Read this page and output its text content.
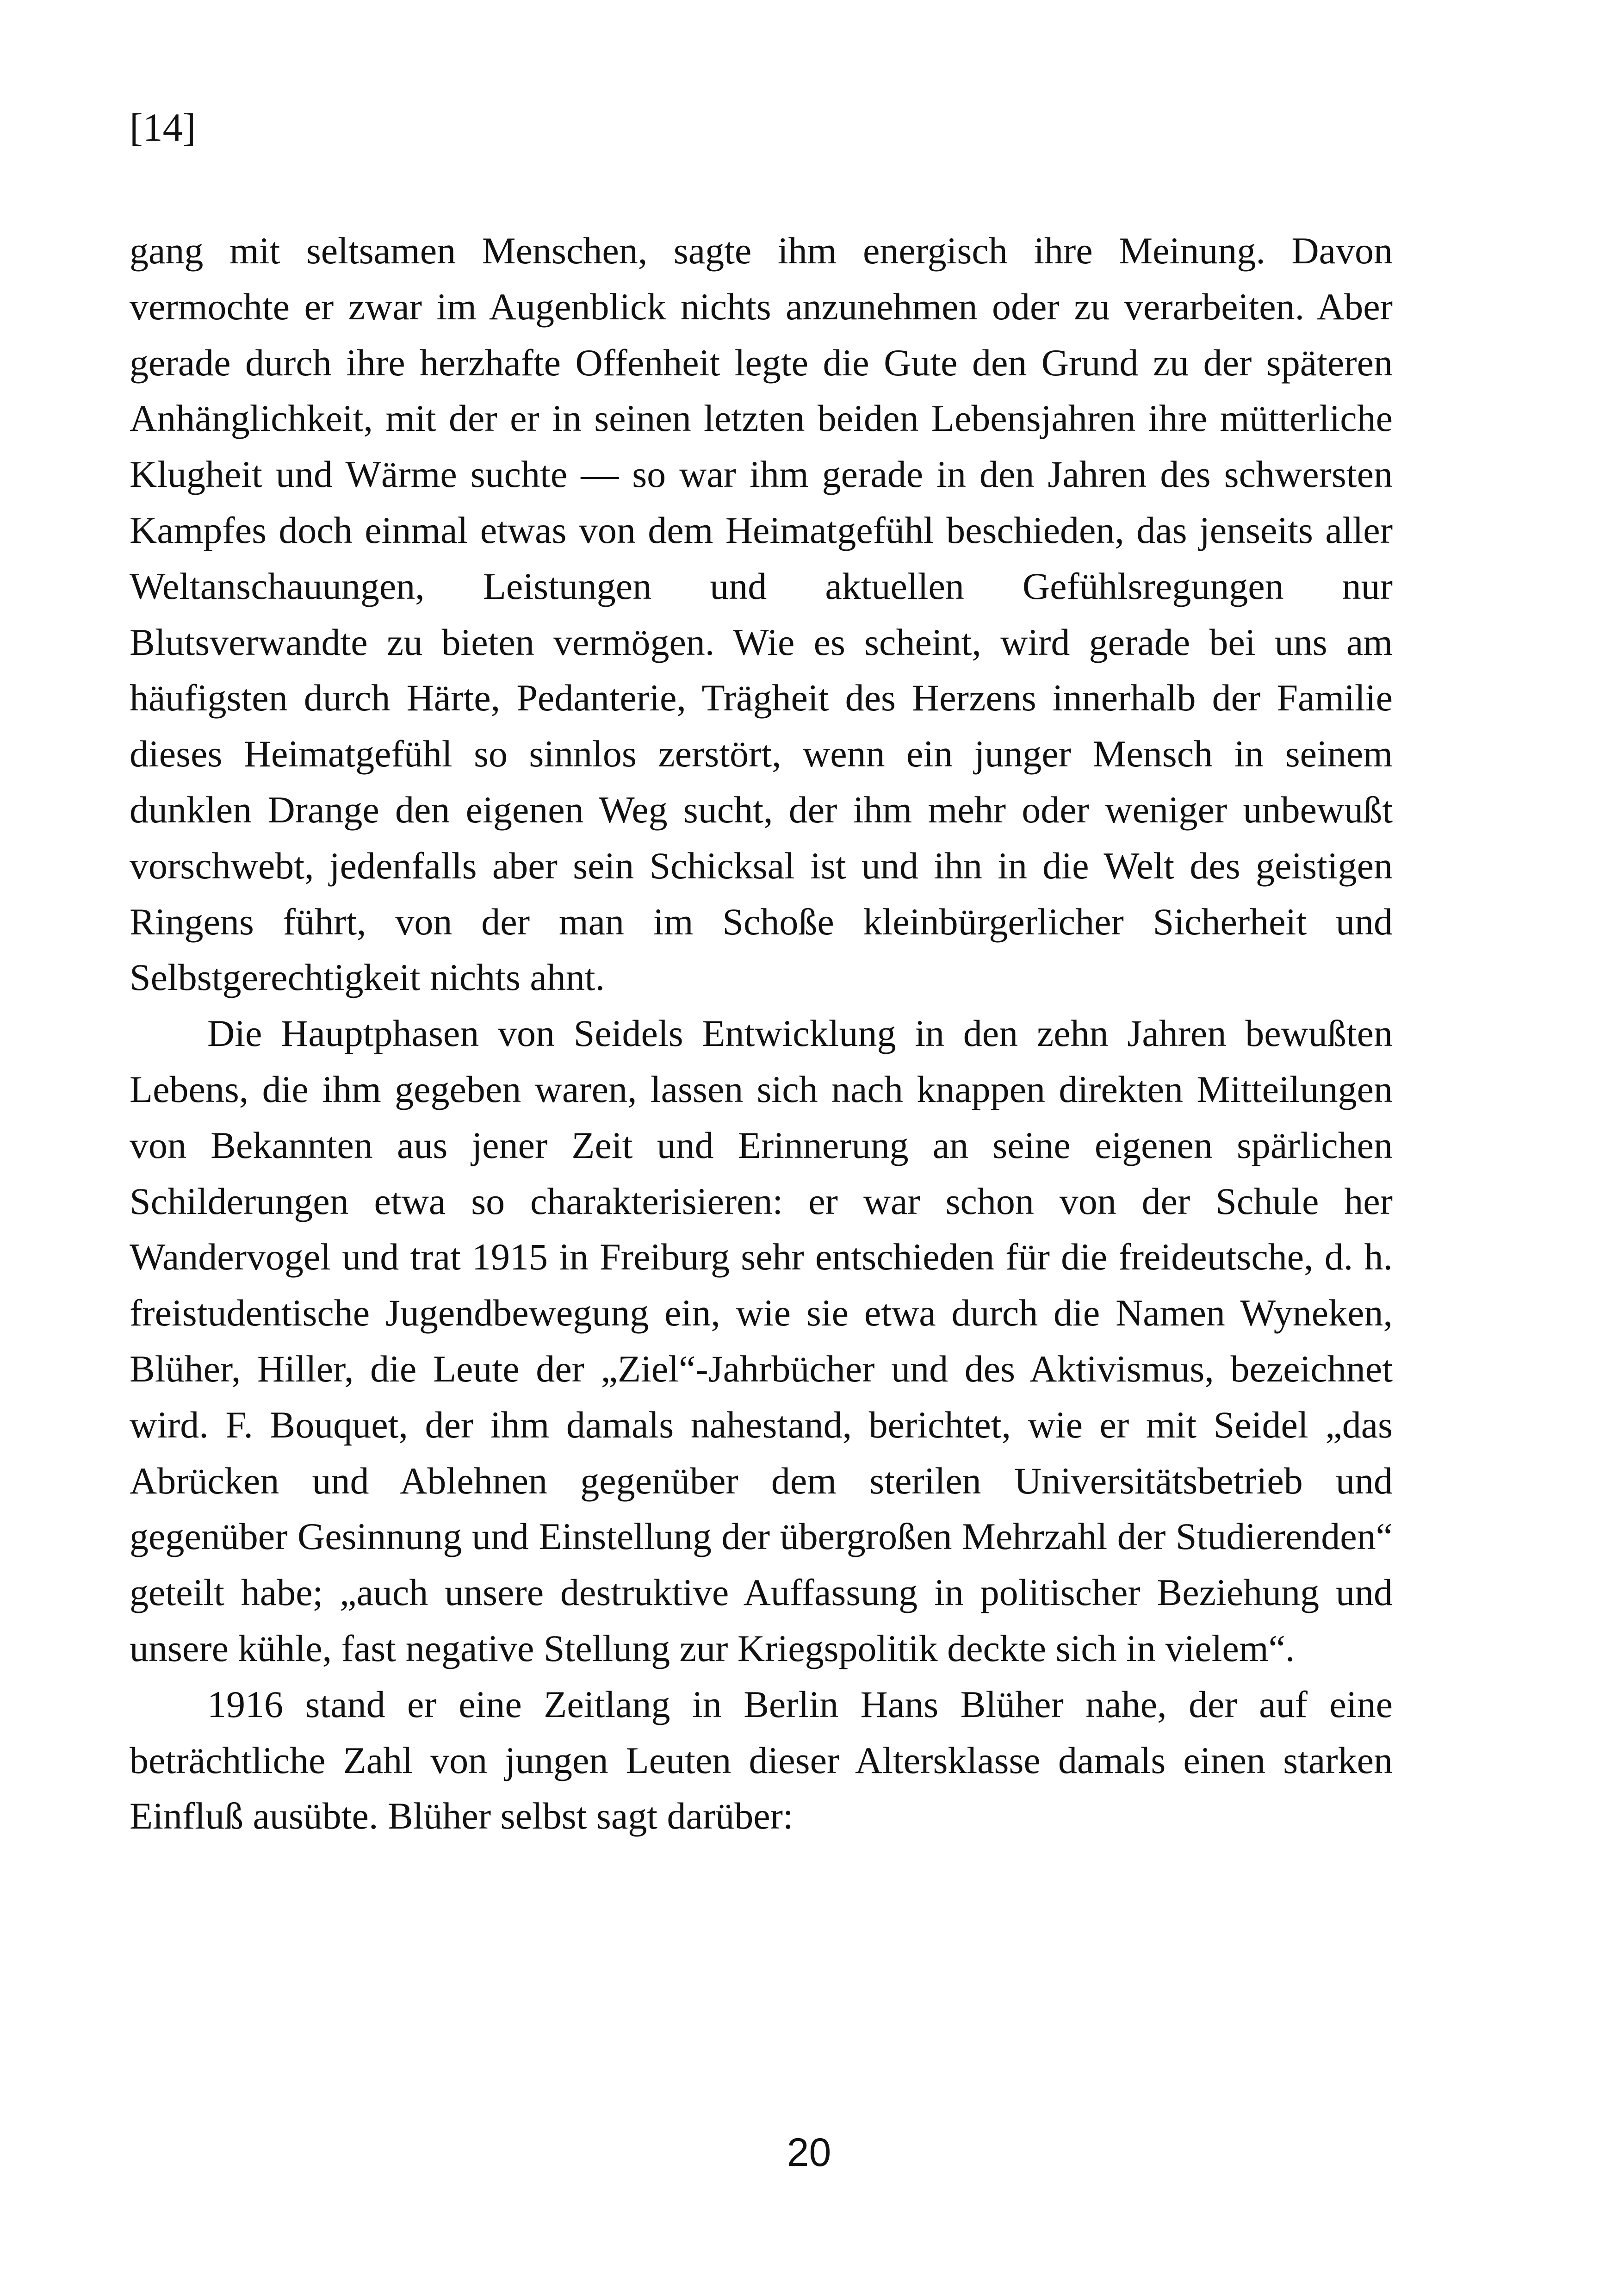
[14]

gang mit seltsamen Menschen, sagte ihm energisch ihre Meinung. Davon vermochte er zwar im Augenblick nichts anzunehmen oder zu verarbeiten. Aber gerade durch ihre herzhafte Offenheit legte die Gute den Grund zu der späteren Anhänglichkeit, mit der er in seinen letzten beiden Lebensjahren ihre mütterliche Klugheit und Wärme suchte — so war ihm gerade in den Jahren des schwersten Kampfes doch einmal etwas von dem Heimatgefühl beschieden, das jenseits aller Weltanschauungen, Leistungen und aktuellen Gefühlsregungen nur Blutsverwandte zu bieten vermögen. Wie es scheint, wird gerade bei uns am häufigsten durch Härte, Pedanterie, Trägheit des Herzens innerhalb der Familie dieses Heimatgefühl so sinnlos zerstört, wenn ein junger Mensch in seinem dunklen Drange den eigenen Weg sucht, der ihm mehr oder weniger unbewußt vorschwebt, jedenfalls aber sein Schicksal ist und ihn in die Welt des geistigen Ringens führt, von der man im Schoße kleinbürgerlicher Sicherheit und Selbstgerechtigkeit nichts ahnt.

Die Hauptphasen von Seidels Entwicklung in den zehn Jahren bewußten Lebens, die ihm gegeben waren, lassen sich nach knappen direkten Mitteilungen von Bekannten aus jener Zeit und Erinnerung an seine eigenen spärlichen Schilderungen etwa so charakterisieren: er war schon von der Schule her Wandervogel und trat 1915 in Freiburg sehr entschieden für die freideutsche, d. h. freistudentische Jugendbewegung ein, wie sie etwa durch die Namen Wyneken, Blüher, Hiller, die Leute der „Ziel“-Jahrbücher und des Aktivismus, bezeichnet wird. F. Bouquet, der ihm damals nahestand, berichtet, wie er mit Seidel „das Abrücken und Ablehnen gegenüber dem sterilen Universitätsbetrieb und gegenüber Gesinnung und Einstellung der übergroßen Mehrzahl der Studierenden“ geteilt habe; „auch unsere destruktive Auffassung in politischer Beziehung und unsere kühle, fast negative Stellung zur Kriegspolitik deckte sich in vielem“.

1916 stand er eine Zeitlang in Berlin Hans Blüher nahe, der auf eine beträchtliche Zahl von jungen Leuten dieser Altersklasse damals einen starken Einfluß ausübte. Blüher selbst sagt darüber:

20
